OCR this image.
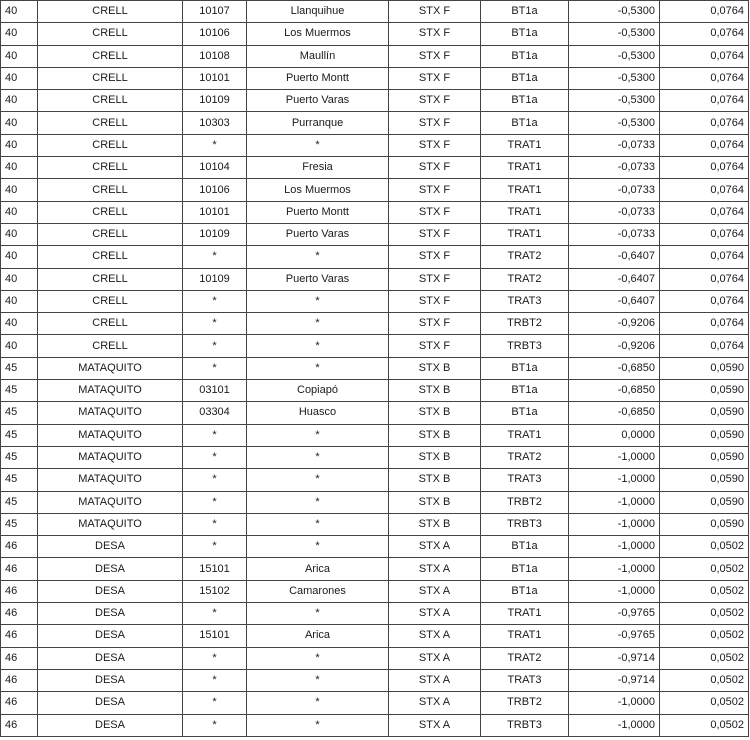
40	CRELL	10107	Llanquihue	STX F	BT1a	-0,5300	0,0764
40	CRELL	10106	Los Muermos	STX F	BT1a	-0,5300	0,0764
40	CRELL	10108	Maullín	STX F	BT1a	-0,5300	0,0764
40	CRELL	10101	Puerto Montt	STX F	BT1a	-0,5300	0,0764
40	CRELL	10109	Puerto Varas	STX F	BT1a	-0,5300	0,0764
40	CRELL	10303	Purranque	STX F	BT1a	-0,5300	0,0764
40	CRELL	*	*	STX F	TRAT1	-0,0733	0,0764
40	CRELL	10104	Fresia	STX F	TRAT1	-0,0733	0,0764
40	CRELL	10106	Los Muermos	STX F	TRAT1	-0,0733	0,0764
40	CRELL	10101	Puerto Montt	STX F	TRAT1	-0,0733	0,0764
40	CRELL	10109	Puerto Varas	STX F	TRAT1	-0,0733	0,0764
40	CRELL	*	*	STX F	TRAT2	-0,6407	0,0764
40	CRELL	10109	Puerto Varas	STX F	TRAT2	-0,6407	0,0764
40	CRELL	*	*	STX F	TRAT3	-0,6407	0,0764
40	CRELL	*	*	STX F	TRBT2	-0,9206	0,0764
40	CRELL	*	*	STX F	TRBT3	-0,9206	0,0764
45	MATAQUITO	*	*	STX B	BT1a	-0,6850	0,0590
45	MATAQUITO	03101	Copiapó	STX B	BT1a	-0,6850	0,0590
45	MATAQUITO	03304	Huasco	STX B	BT1a	-0,6850	0,0590
45	MATAQUITO	*	*	STX B	TRAT1	0,0000	0,0590
45	MATAQUITO	*	*	STX B	TRAT2	-1,0000	0,0590
45	MATAQUITO	*	*	STX B	TRAT3	-1,0000	0,0590
45	MATAQUITO	*	*	STX B	TRBT2	-1,0000	0,0590
45	MATAQUITO	*	*	STX B	TRBT3	-1,0000	0,0590
46	DESA	*	*	STX A	BT1a	-1,0000	0,0502
46	DESA	15101	Arica	STX A	BT1a	-1,0000	0,0502
46	DESA	15102	Camarones	STX A	BT1a	-1,0000	0,0502
46	DESA	*	*	STX A	TRAT1	-0,9765	0,0502
46	DESA	15101	Arica	STX A	TRAT1	-0,9765	0,0502
46	DESA	*	*	STX A	TRAT2	-0,9714	0,0502
46	DESA	*	*	STX A	TRAT3	-0,9714	0,0502
46	DESA	*	*	STX A	TRBT2	-1,0000	0,0502
46	DESA	*	*	STX A	TRBT3	-1,0000	0,0502
